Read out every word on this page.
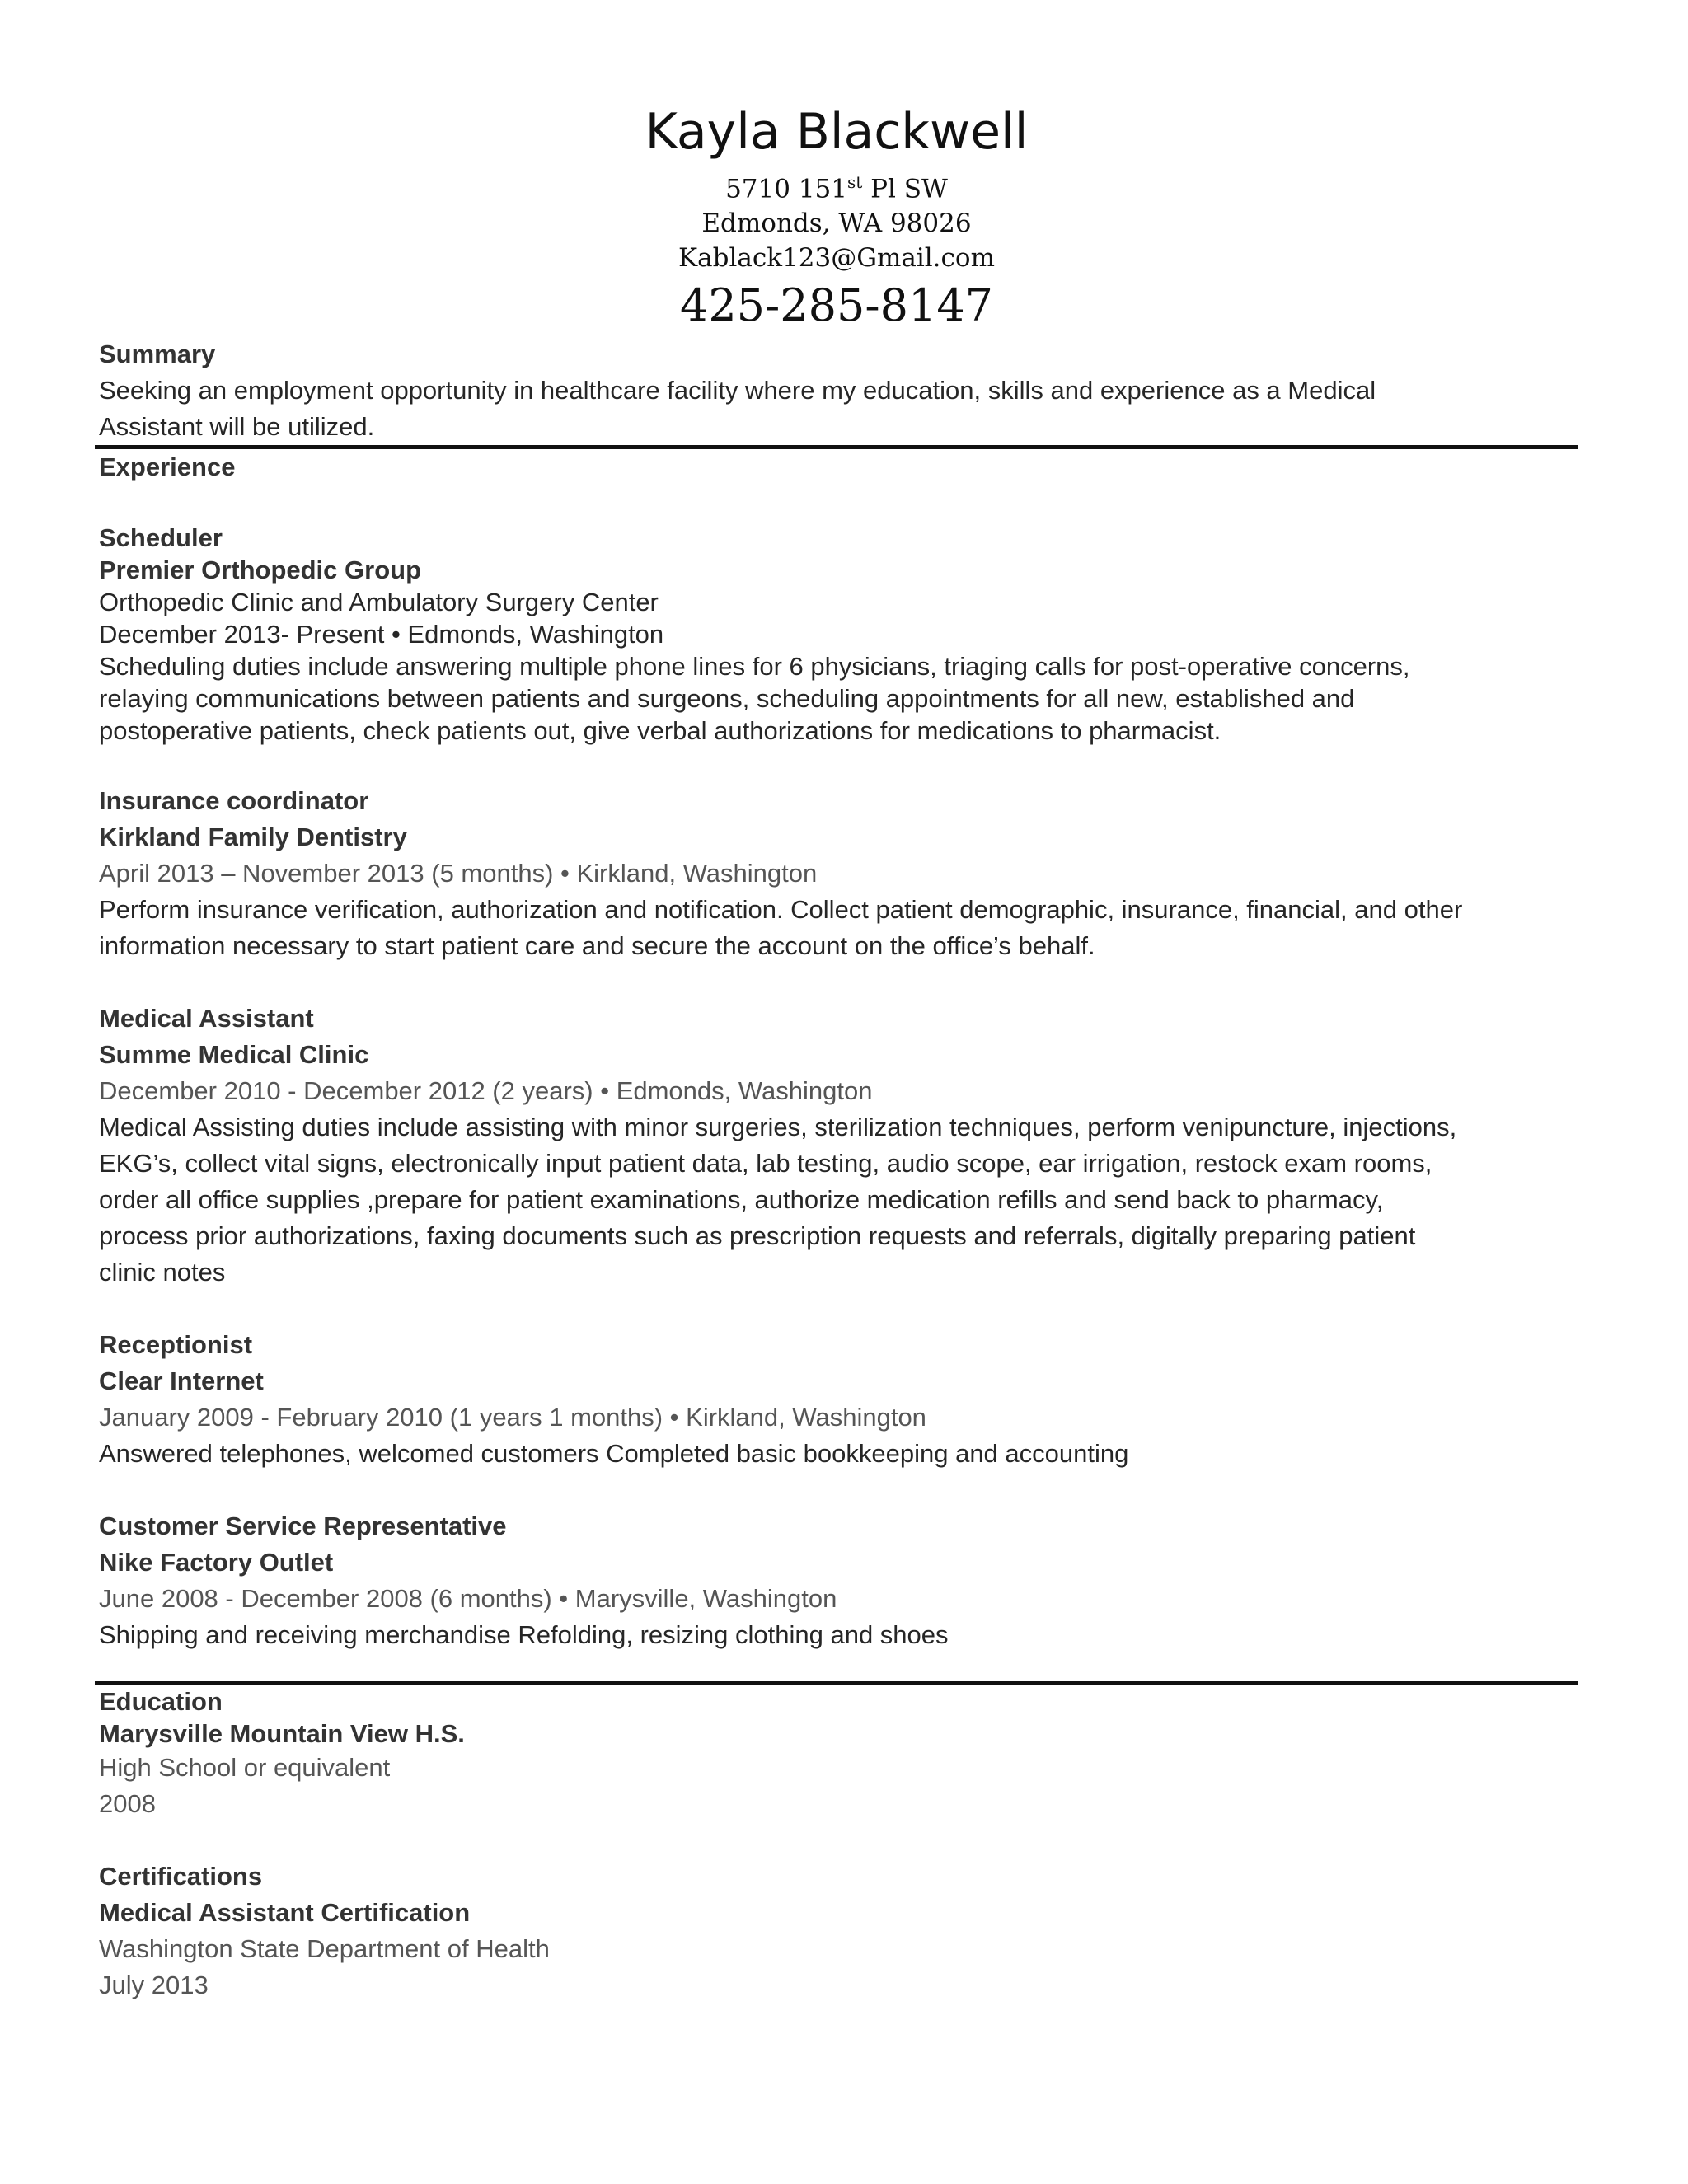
Kayla Blackwell
5710 151st Pl SW
Edmonds, WA 98026
Kablack123@Gmail.com
425-285-8147
Summary
Seeking an employment opportunity in healthcare facility where my education, skills and experience as a Medical
Assistant will be utilized.
Experience
Scheduler
Premier Orthopedic Group
Orthopedic Clinic and Ambulatory Surgery Center
December 2013- Present • Edmonds, Washington
Scheduling duties include answering multiple phone lines for 6 physicians, triaging calls for post-operative concerns,
relaying communications between patients and surgeons, scheduling appointments for all new, established and
postoperative patients, check patients out, give verbal authorizations for medications to pharmacist.
Insurance coordinator
Kirkland Family Dentistry
April 2013 – November 2013 (5 months) • Kirkland, Washington
Perform insurance verification, authorization and notification. Collect patient demographic, insurance, financial, and other
information necessary to start patient care and secure the account on the office’s behalf.
Medical Assistant
Summe Medical Clinic
December 2010 - December 2012 (2 years) • Edmonds, Washington
Medical Assisting duties include assisting with minor surgeries, sterilization techniques, perform venipuncture, injections,
EKG’s, collect vital signs, electronically input patient data, lab testing, audio scope, ear irrigation, restock exam rooms,
order all office supplies ,prepare for patient examinations, authorize medication refills and send back to pharmacy,
process prior authorizations, faxing documents such as prescription requests and referrals, digitally preparing patient
clinic notes
Receptionist
Clear Internet
January 2009 - February 2010 (1 years 1 months) • Kirkland, Washington
Answered telephones, welcomed customers Completed basic bookkeeping and accounting
Customer Service Representative
Nike Factory Outlet
June 2008 - December 2008 (6 months) • Marysville, Washington
Shipping and receiving merchandise Refolding, resizing clothing and shoes
Education
Marysville Mountain View H.S.
High School or equivalent
2008
Certifications
Medical Assistant Certification
Washington State Department of Health
July 2013
